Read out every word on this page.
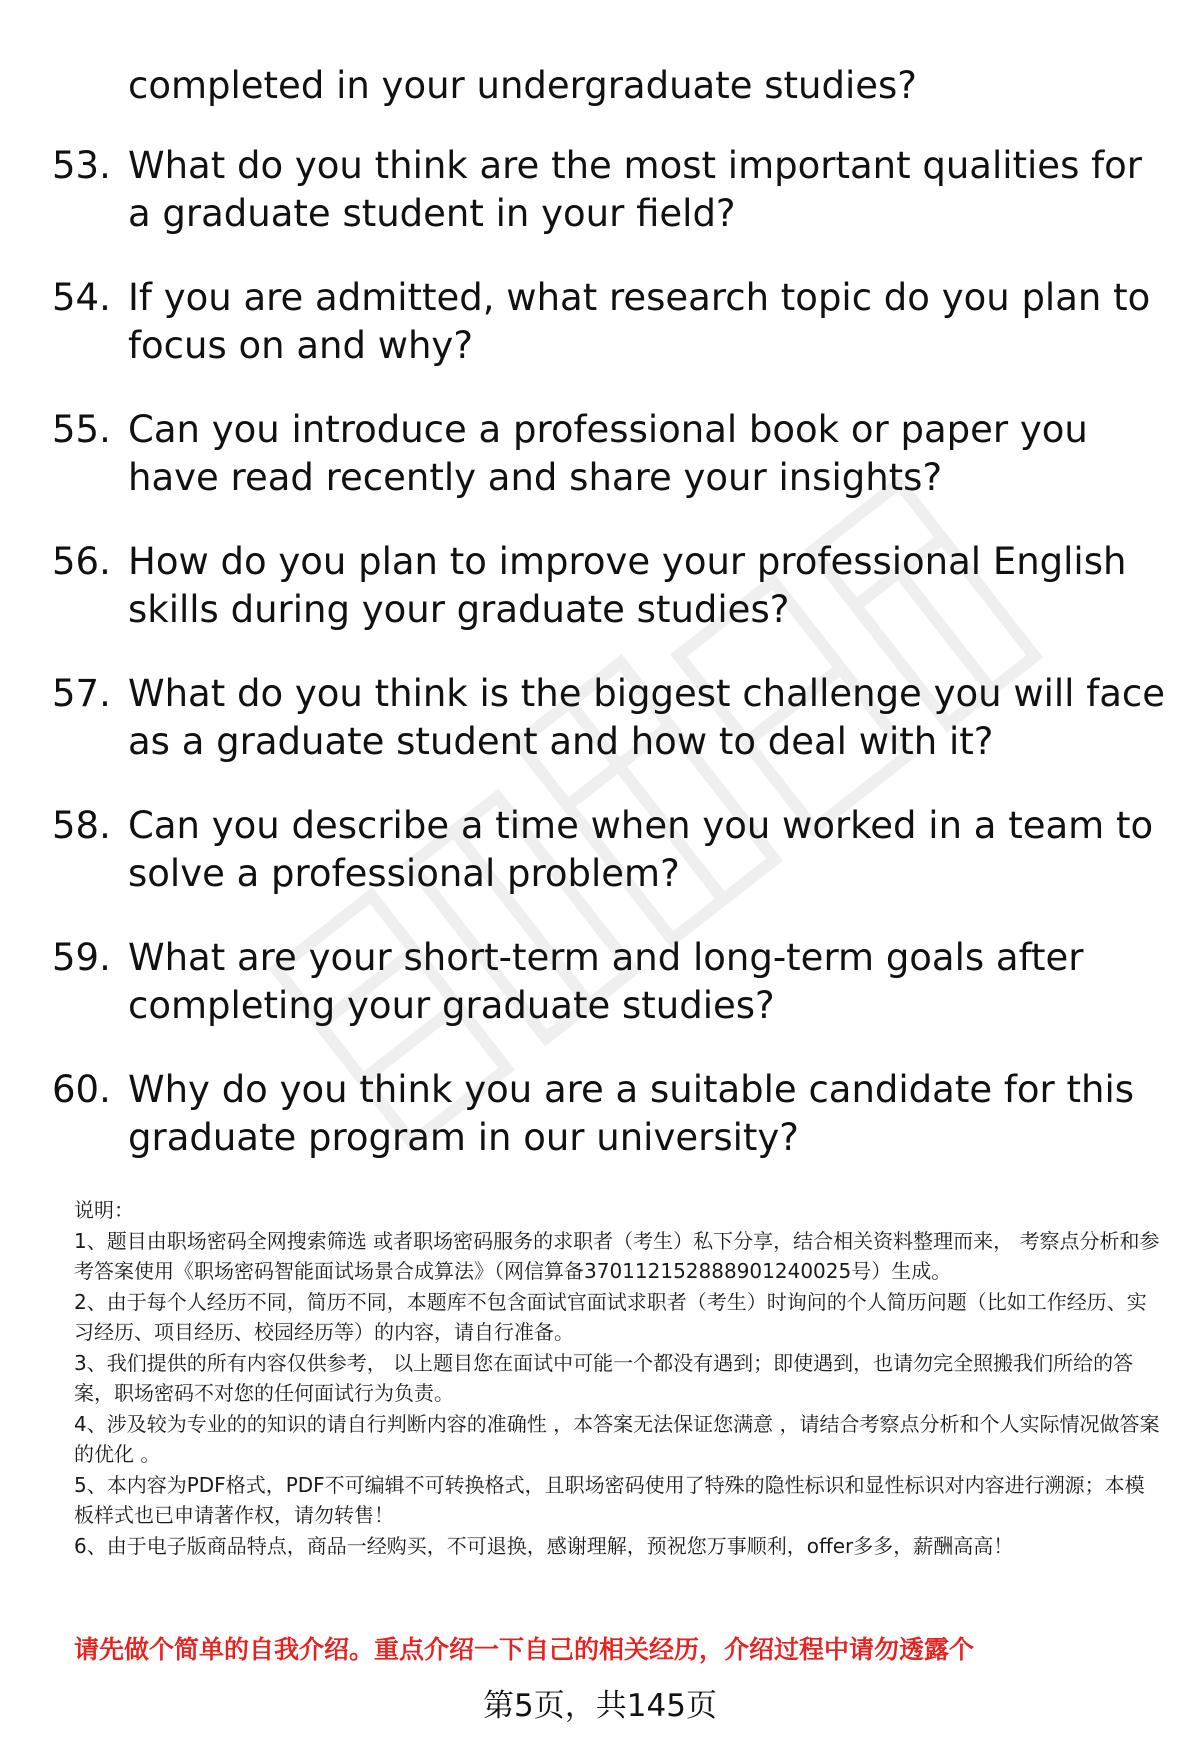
completed in your undergraduate studies?
53. What do you think are the most important qualities for a graduate student in your field?
54. If you are admitted, what research topic do you plan to focus on and why?
55. Can you introduce a professional book or paper you have read recently and share your insights?
56. How do you plan to improve your professional English skills during your graduate studies?
57. What do you think is the biggest challenge you will face as a graduate student and how to deal with it?
58. Can you describe a time when you worked in a team to solve a professional problem?
59. What are your short-term and long-term goals after completing your graduate studies?
60. Why do you think you are a suitable candidate for this graduate program in our university?

说明：

1、题目由职场密码全网搜索筛选 或者职场密码服务的求职者（考生）私下分享，结合相关资料整理而来， 考察点分析和参考答案使用《职场密码智能面试场景合成算法》（网信算备370112152888901240025号）生成。

2、由于每个人经历不同，简历不同，本题库不包含面试官面试求职者（考生）时询问的个人简历问题（比如工作经历、实习经历、项目经历、校园经历等）的内容，请自行准备。

3、我们提供的所有内容仅供参考， 以上题目您在面试中可能一个都没有遇到；即使遇到，也请勿完全照搬我们所给的答案，职场密码不对您的任何面试行为负责。

4、涉及较为专业的的知识的请自行判断内容的准确性 ，本答案无法保证您满意 ，请结合考察点分析和个人实际情况做答案的优化 。

5、本内容为PDF格式，PDF不可编辑不可转换格式，且职场密码使用了特殊的隐性标识和显性标识对内容进行溯源；本模板样式也已申请著作权，请勿转售！

6、由于电子版商品特点，商品一经购买，不可退换，感谢理解，预祝您万事顺利，offer多多，薪酬高高！

请先做个简单的自我介绍。重点介绍一下自己的相关经历，介绍过程中请勿透露个
第5页，共145页
